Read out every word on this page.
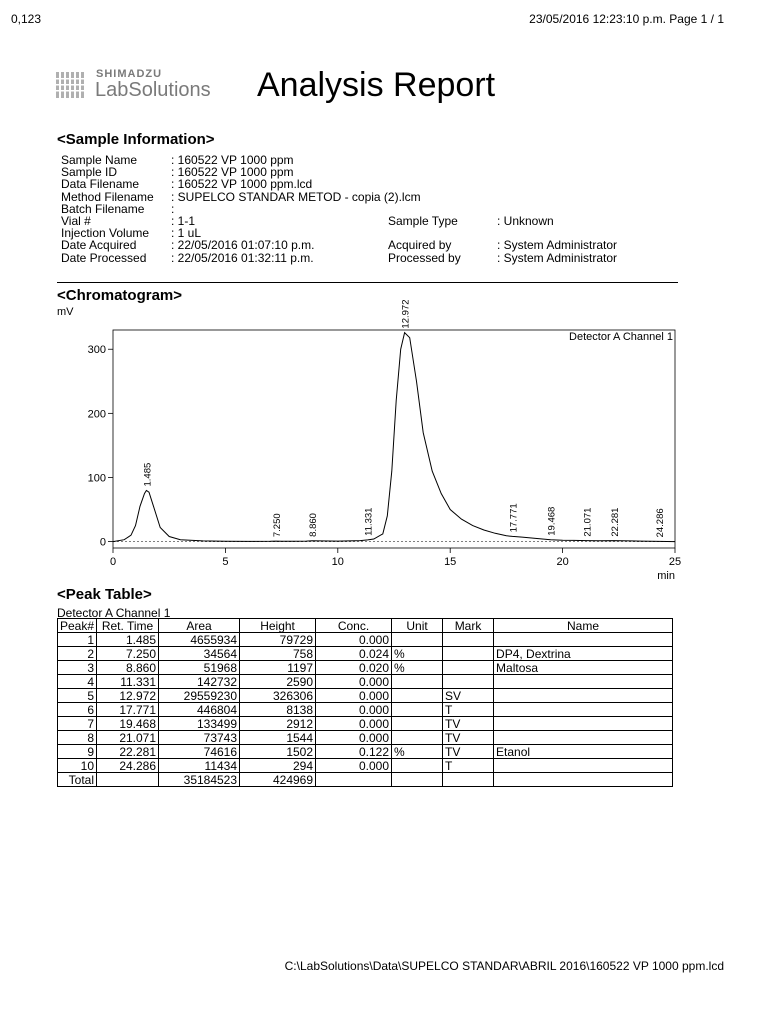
0,123	23/05/2016 12:23:10 p.m. Page 1 / 1
SHIMADZU
LabSolutions Analysis Report
<Sample Information>
Sample Name	: 160522 VP 1000 ppm
Sample ID	: 160522 VP 1000 ppm
Data Filename	: 160522 VP 1000 ppm.lcd
Method Filename : SUPELCO STANDAR METOD - copia (2).lcm
Batch Filename :
Vial #	: 1-1	Sample Type	: Unknown
Injection Volume : 1 uL
Date Acquired	: 22/05/2016 01:07:10 p.m.	Acquired by	: System Administrator
Date Processed : 22/05/2016 01:32:11 p.m.	Processed by	: System Administrator
<Chromatogram>
0
100
200
300
0	5	10	15	20	25
mV
min
Detector A Channel 1
1.485
7.250	8.860	11.331
12.972
17.771	19.468	21.071 22.281	24.286
<Peak Table>
Detector A Channel 1
Peak#	Ret. Time	Area	Height	Conc.	Unit	Mark	Name
1	1.485	4655934	79729	0.000			
2	7.250	34564	758	0.024	%		DP4, Dextrina
3	8.860	51968	1197	0.020	%		Maltosa
4	11.331	142732	2590	0.000			
5	12.972	29559230	326306	0.000		SV	
6	17.771	446804	8138	0.000		T	
7	19.468	133499	2912	0.000		TV	
8	21.071	73743	1544	0.000		TV	
9	22.281	74616	1502	0.122	%	TV	Etanol
10	24.286	11434	294	0.000		T	
Total		35184523	424969				
C:\LabSolutions\Data\SUPELCO STANDAR\ABRIL 2016\160522 VP 1000 ppm.lcd
